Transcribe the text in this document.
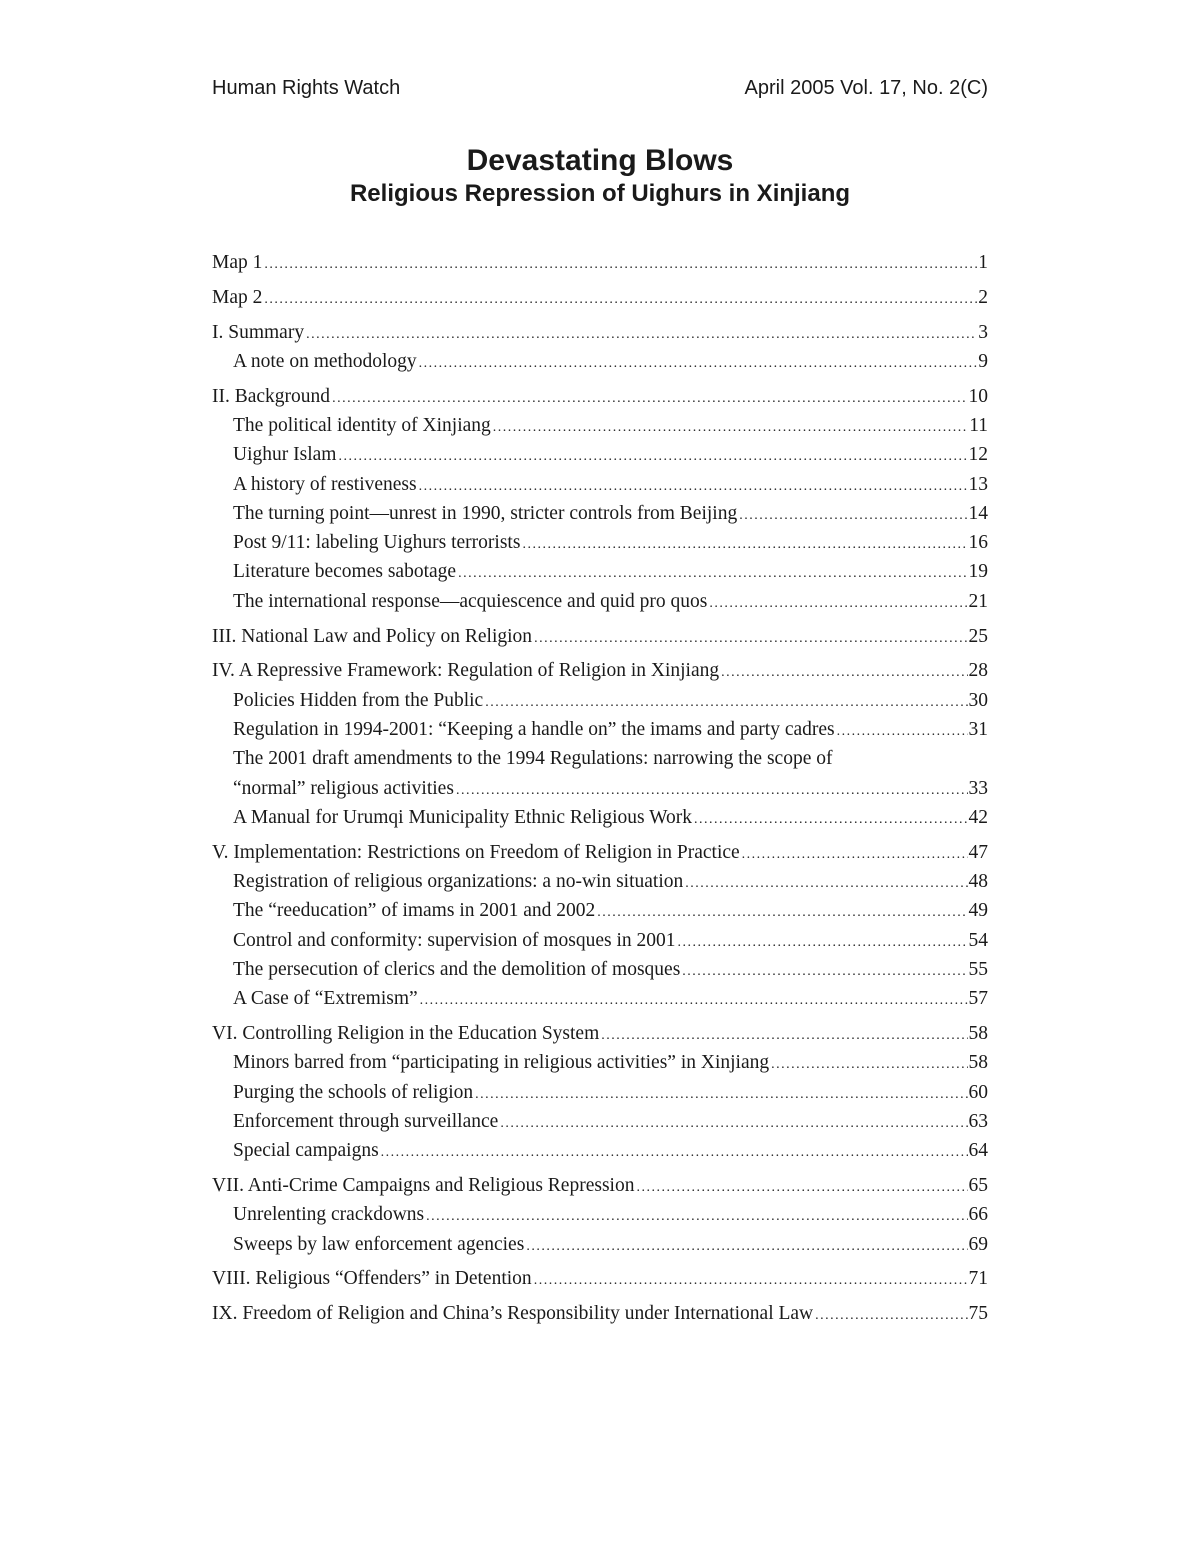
Human Rights Watch	April 2005 Vol. 17, No. 2(C)
Devastating Blows
Religious Repression of Uighurs in Xinjiang
Map 1 .....	1
Map 2 .....	2
I. Summary .....	3
A note on methodology .....	9
II. Background .....	10
The political identity of Xinjiang .....	11
Uighur Islam .....	12
A history of restiveness .....	13
The turning point—unrest in 1990, stricter controls from Beijing .....	14
Post 9/11: labeling Uighurs terrorists .....	16
Literature becomes sabotage .....	19
The international response—acquiescence and quid pro quos .....	21
III. National Law and Policy on Religion .....	25
IV. A Repressive Framework: Regulation of Religion in Xinjiang .....	28
Policies Hidden from the Public .....	30
Regulation in 1994-2001: “Keeping a handle on” the imams and party cadres .....	31
The 2001 draft amendments to the 1994 Regulations: narrowing the scope of
“normal” religious activities .....	33
A Manual for Urumqi Municipality Ethnic Religious Work .....	42
V. Implementation: Restrictions on Freedom of Religion in Practice .....	47
Registration of religious organizations: a no-win situation .....	48
The “reeducation” of imams in 2001 and 2002 .....	49
Control and conformity: supervision of mosques in 2001 .....	54
The persecution of clerics and the demolition of mosques .....	55
A Case of “Extremism” .....	57
VI. Controlling Religion in the Education System .....	58
Minors barred from “participating in religious activities” in Xinjiang .....	58
Purging the schools of religion .....	60
Enforcement through surveillance .....	63
Special campaigns .....	64
VII. Anti-Crime Campaigns and Religious Repression .....	65
Unrelenting crackdowns .....	66
Sweeps by law enforcement agencies .....	69
VIII. Religious “Offenders” in Detention .....	71
IX. Freedom of Religion and China’s Responsibility under International Law .....	75
